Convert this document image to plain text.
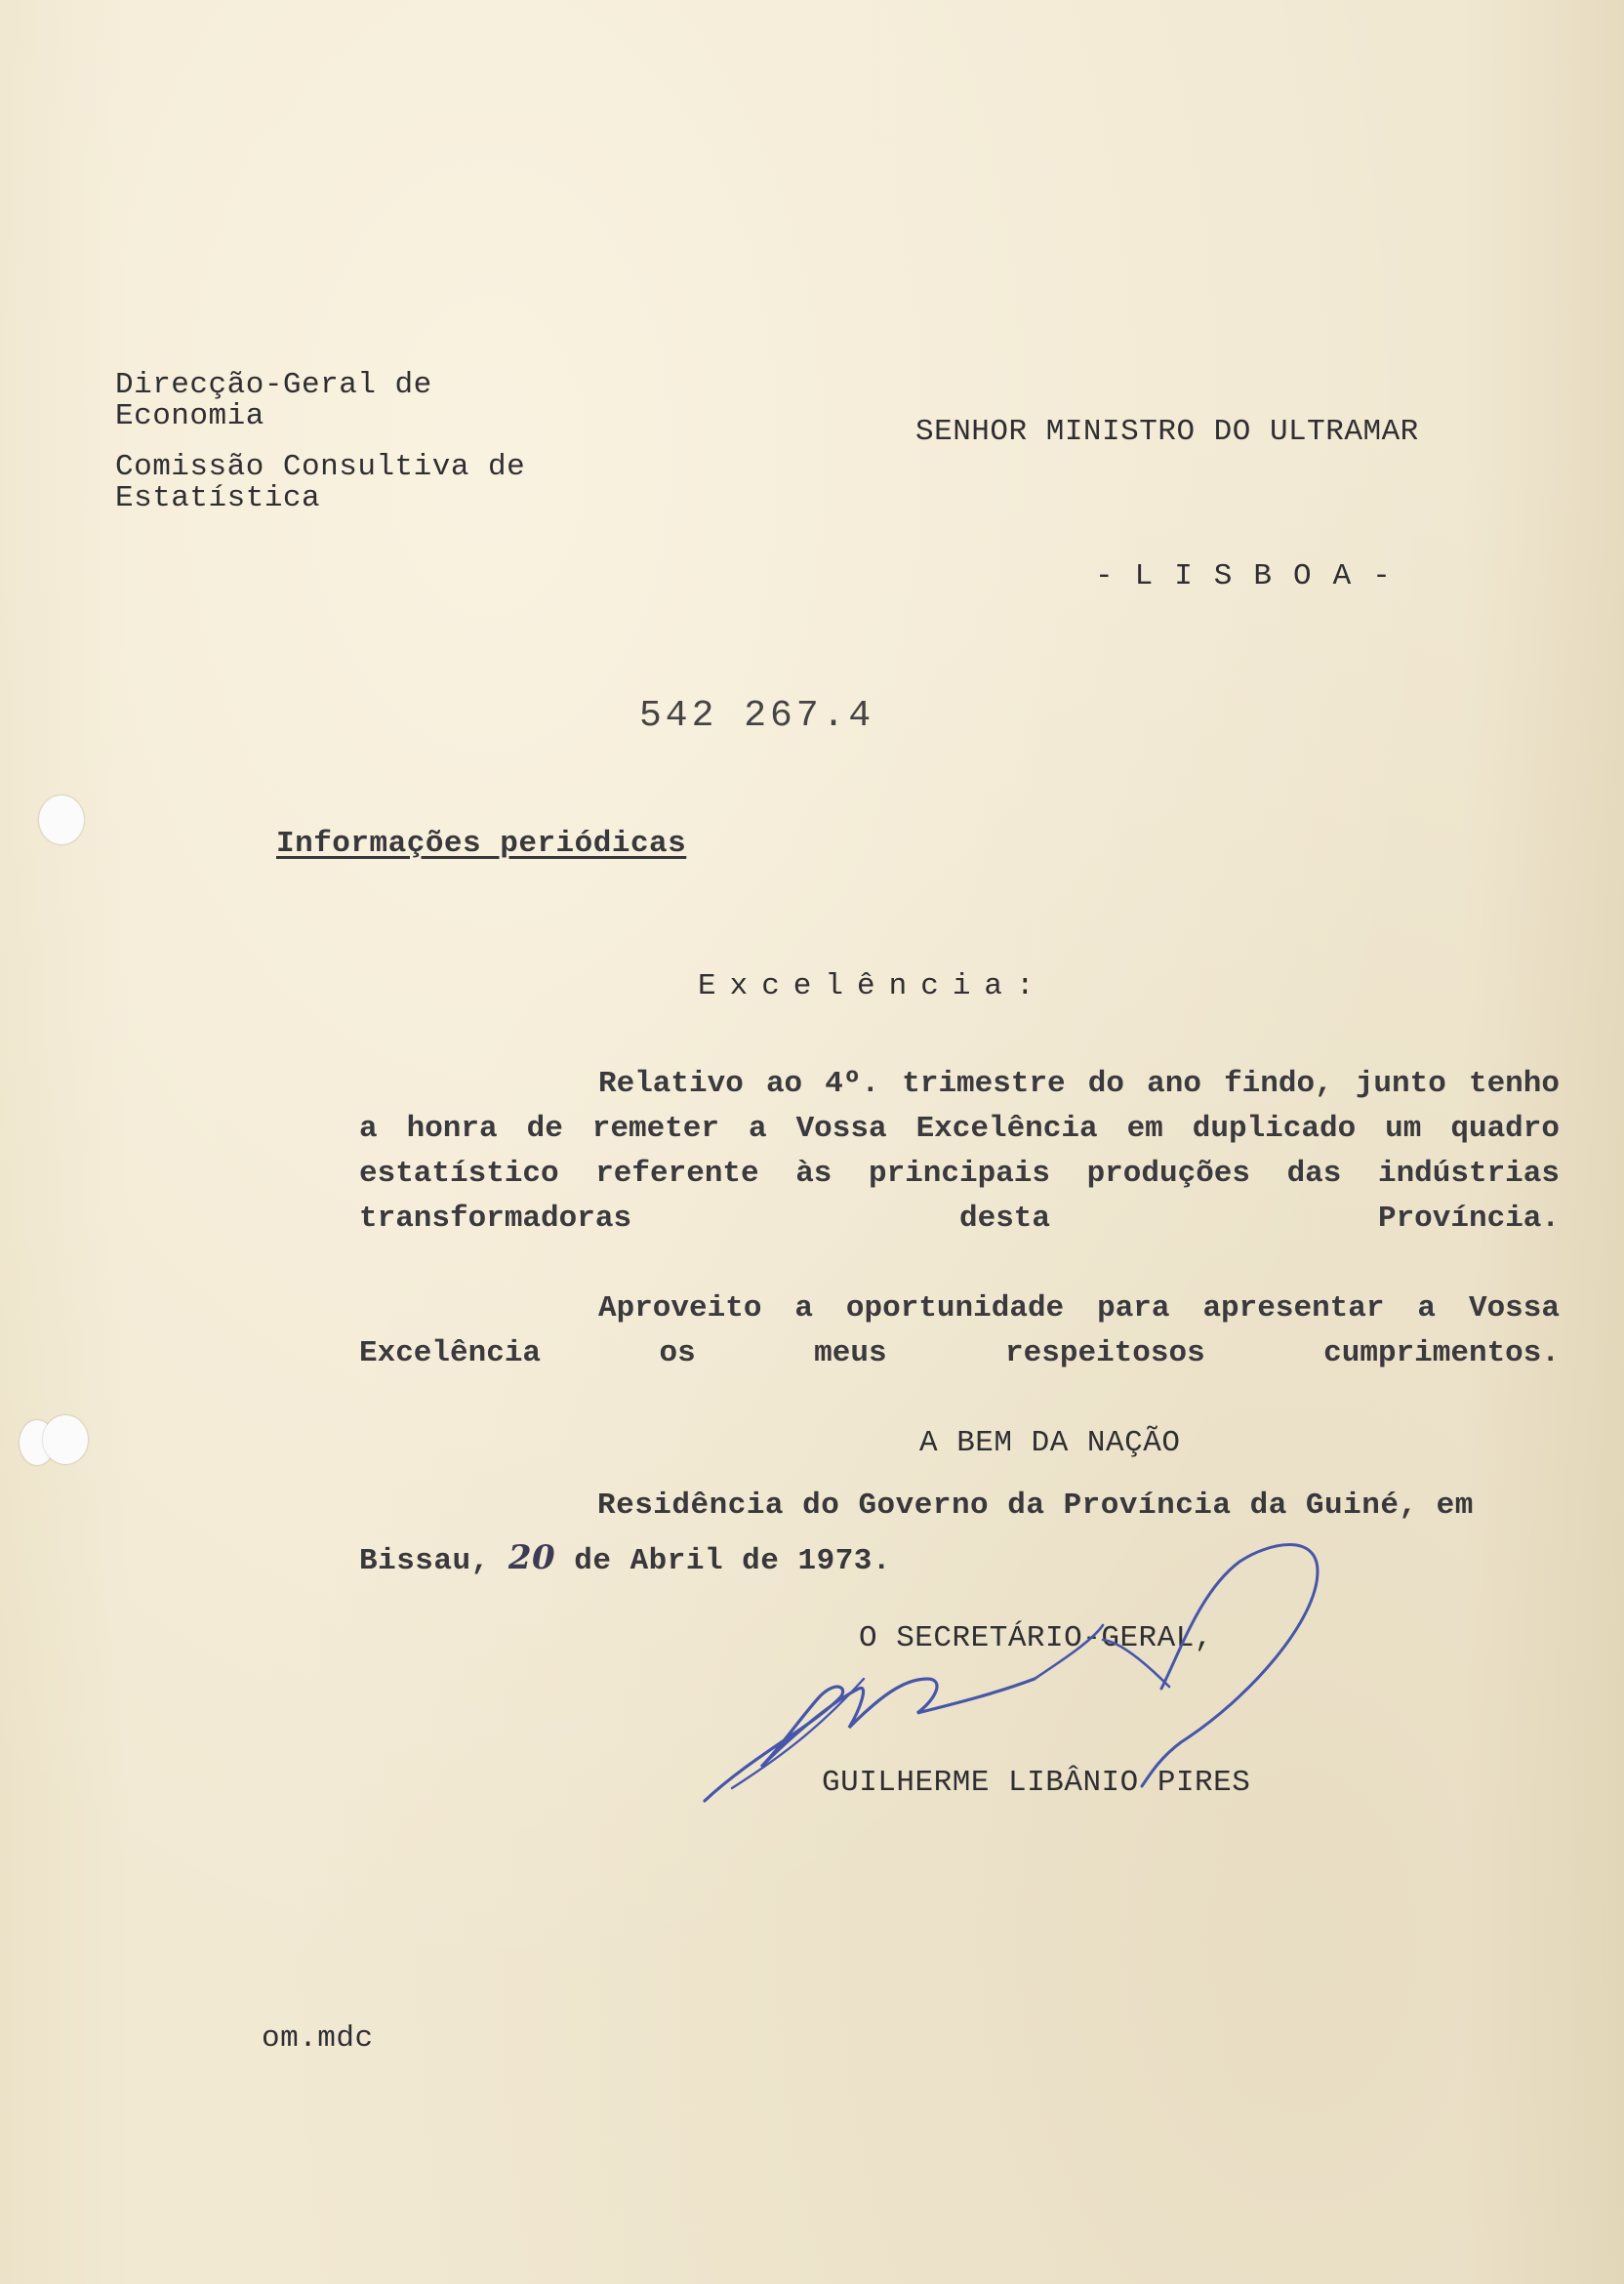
Direcção-Geral de
Economia
Comissão Consultiva de
Estatística
SENHOR MINISTRO DO ULTRAMAR
-LISBOA-
542 267.4
Informações periódicas
Excelência:

Relativo ao 4º. trimestre do ano findo, junto tenho a honra de remeter a Vossa Excelência em duplicado um quadro estatístico referente às principais produções das indústrias transformadoras desta Província.

Aproveito a oportunidade para apresentar a Vossa Excelência os meus respeitosos cumprimentos.

A BEM DA NAÇÃO
Residência do Governo da Província da Guiné, em
Bissau, 20 de Abril de 1973.
O SECRETÁRIO-GERAL,
GUILHERME LIBÂNIO PIRES
om.mdc
